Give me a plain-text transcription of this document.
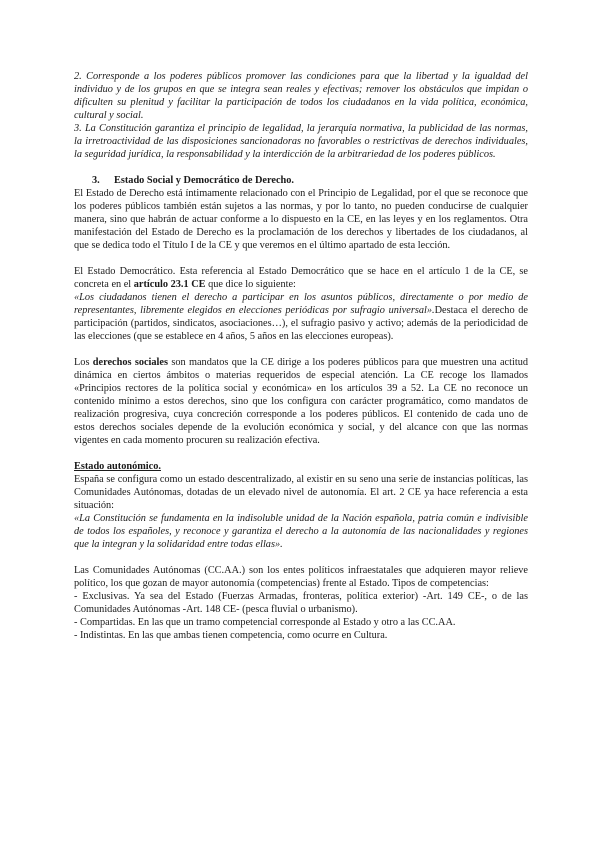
2. Corresponde a los poderes públicos promover las condiciones para que la libertad y la igualdad del individuo y de los grupos en que se integra sean reales y efectivas; remover los obstáculos que impidan o dificulten su plenitud y facilitar la participación de todos los ciudadanos en la vida política, económica, cultural y social.

3. La Constitución garantiza el principio de legalidad, la jerarquía normativa, la publicidad de las normas, la irretroactividad de las disposiciones sancionadoras no favorables o restrictivas de derechos individuales, la seguridad jurídica, la responsabilidad y la interdicción de la arbitrariedad de los poderes públicos.

3. Estado Social y Democrático de Derecho.

El Estado de Derecho está íntimamente relacionado con el Principio de Legalidad, por el que se reconoce que los poderes públicos también están sujetos a las normas, y por lo tanto, no pueden conducirse de cualquier manera, sino que habrán de actuar conforme a lo dispuesto en la CE, en las leyes y en los reglamentos. Otra manifestación del Estado de Derecho es la proclamación de los derechos y libertades de los ciudadanos, al que se dedica todo el Título I de la CE y que veremos en el último apartado de esta lección.

El Estado Democrático. Esta referencia al Estado Democrático que se hace en el artículo 1 de la CE, se concreta en el artículo 23.1 CE que dice lo siguiente:
«Los ciudadanos tienen el derecho a participar en los asuntos públicos, directamente o por medio de representantes, libremente elegidos en elecciones periódicas por sufragio universal».Destaca el derecho de participación (partidos, sindicatos, asociaciones…), el sufragio pasivo y activo; además de la periodicidad de las elecciones (que se establece en 4 años, 5 años en las elecciones europeas).

Los derechos sociales son mandatos que la CE dirige a los poderes públicos para que muestren una actitud dinámica en ciertos ámbitos o materias requeridos de especial atención. La CE recoge los llamados «Principios rectores de la política social y económica» en los artículos 39 a 52. La CE no reconoce un contenido mínimo a estos derechos, sino que los configura con carácter programático, como mandatos de realización progresiva, cuya concreción corresponde a los poderes públicos. El contenido de cada uno de estos derechos sociales depende de la evolución económica y social, y del alcance con que las normas vigentes en cada momento procuren su realización efectiva.

Estado autonómico.

España se configura como un estado descentralizado, al existir en su seno una serie de instancias políticas, las Comunidades Autónomas, dotadas de un elevado nivel de autonomía. El art. 2 CE ya hace referencia a esta situación:

«La Constitución se fundamenta en la indisoluble unidad de la Nación española, patria común e indivisible de todos los españoles, y reconoce y garantiza el derecho a la autonomía de las nacionalidades y regiones que la integran y la solidaridad entre todas ellas».

Las Comunidades Autónomas (CC.AA.) son los entes políticos infraestatales que adquieren mayor relieve político, los que gozan de mayor autonomía (competencias) frente al Estado. Tipos de competencias:

- Exclusivas. Ya sea del Estado (Fuerzas Armadas, fronteras, política exterior) -Art. 149 CE-, o de las Comunidades Autónomas -Art. 148 CE- (pesca fluvial o urbanismo).

- Compartidas. En las que un tramo competencial corresponde al Estado y otro a las CC.AA.

- Indistintas. En las que ambas tienen competencia, como ocurre en Cultura.
